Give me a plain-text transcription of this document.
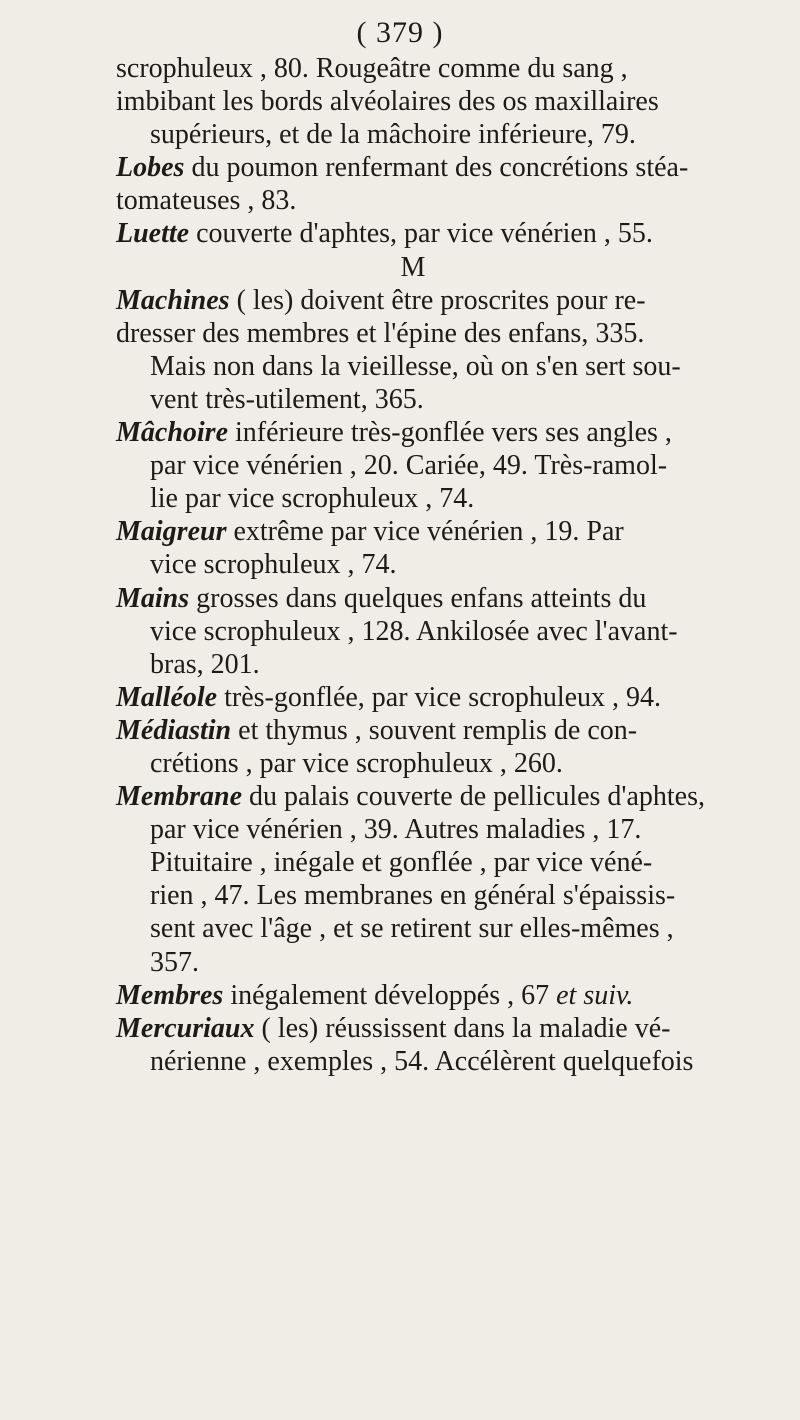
( 379 )
scrophuleux , 80. Rougeâtre comme du sang ,
imbibant les bords alvéolaires des os maxillaires
supérieurs, et de la mâchoire inférieure, 79.
Lobes du poumon renfermant des concrétions stéa-
tomateuses , 83.
Luette couverte d'aphtes, par vice vénérien , 55.
M
Machines ( les) doivent être proscrites pour re-
dresser des membres et l'épine des enfans, 335.
Mais non dans la vieillesse, où on s'en sert sou-
vent très-utilement, 365.
Mâchoire inférieure très-gonflée vers ses angles ,
par vice vénérien , 20. Cariée, 49. Très-ramol-
lie par vice scrophuleux , 74.
Maigreur extrême par vice vénérien , 19. Par
vice scrophuleux , 74.
Mains grosses dans quelques enfans atteints du
vice scrophuleux , 128. Ankilosée avec l'avant-
bras, 201.
Malléole très-gonflée, par vice scrophuleux , 94.
Médiastin et thymus , souvent remplis de con-
crétions , par vice scrophuleux , 260.
Membrane du palais couverte de pellicules d'aphtes,
par vice vénérien , 39. Autres maladies , 17.
Pituitaire , inégale et gonflée , par vice véné-
rien , 47. Les membranes en général s'épaissis-
sent avec l'âge , et se retirent sur elles-mêmes ,
357.
Membres inégalement développés , 67 et suiv.
Mercuriaux ( les) réussissent dans la maladie vé-
nérienne , exemples , 54. Accélèrent quelquefois
